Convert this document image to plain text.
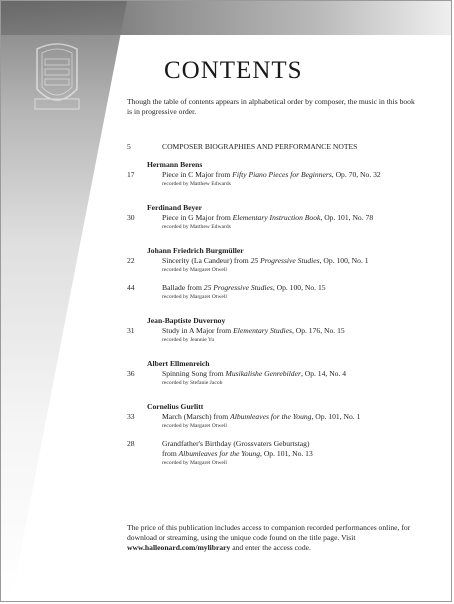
CONTENTS
Though the table of contents appears in alphabetical order by composer, the music in this book is in progressive order.
5	COMPOSER BIOGRAPHIES AND PERFORMANCE NOTES
Hermann Berens
17	Piece in C Major from Fifty Piano Pieces for Beginners, Op. 70, No. 32
recorded by Matthew Edwards
Ferdinand Beyer
30	Piece in G Major from Elementary Instruction Book, Op. 101, No. 78
recorded by Matthew Edwards
Johann Friedrich Burgmüller
22	Sincerity (La Candeur) from 25 Progressive Studies, Op. 100, No. 1
recorded by Margaret Otwell
44	Ballade from 25 Progressive Studies, Op. 100, No. 15
recorded by Margaret Otwell
Jean-Baptiste Duvernoy
31	Study in A Major from Elementary Studies, Op. 176, No. 15
recorded by Jeannie Yu
Albert Ellmenreich
36	Spinning Song from Musikalishe Genrebilder, Op. 14, No. 4
recorded by Stefanie Jacob
Cornelius Gurlitt
33	March (Marsch) from Albumleaves for the Young, Op. 101, No. 1
recorded by Margaret Otwell
28	Grandfather's Birthday (Grossvaters Geburtstag)
from Albumleaves for the Young, Op. 101, No. 13
recorded by Margaret Otwell
The price of this publication includes access to companion recorded performances online, for download or streaming, using the unique code found on the title page. Visit www.halleonard.com/mylibrary and enter the access code.
